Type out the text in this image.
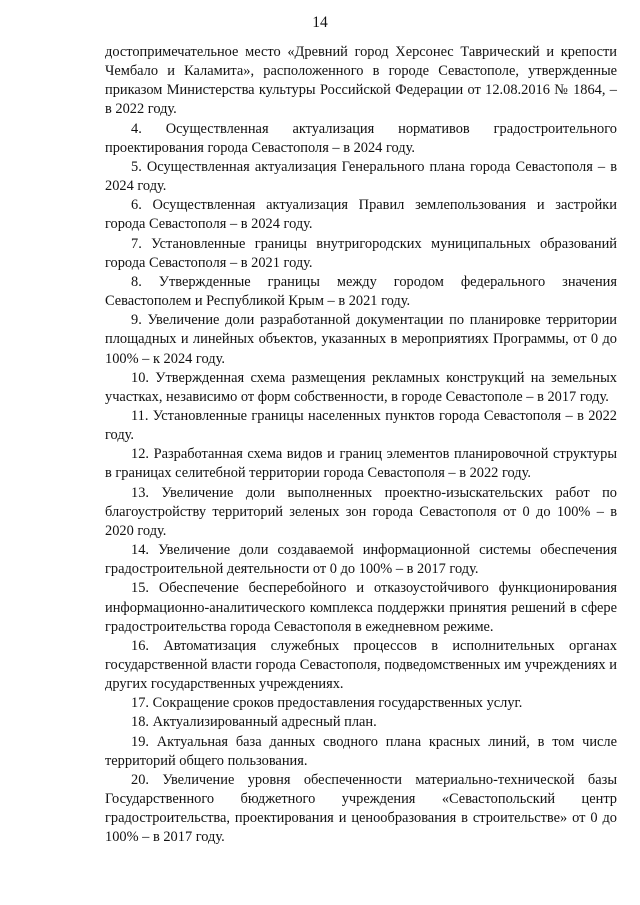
14

достопримечательное место «Древний город Херсонес Таврический и крепости Чембало и Каламита», расположенного в городе Севастополе, утвержденные приказом Министерства культуры Российской Федерации от 12.08.2016 № 1864, – в 2022 году.

4. Осуществленная актуализация нормативов градостроительного проектирования города Севастополя – в 2024 году.

5. Осуществленная актуализация Генерального плана города Севастополя – в 2024 году.

6. Осуществленная актуализация Правил землепользования и застройки города Севастополя – в 2024 году.

7. Установленные границы внутригородских муниципальных образований города Севастополя – в 2021 году.

8. Утвержденные границы между городом федерального значения Севастополем и Республикой Крым – в 2021 году.

9. Увеличение доли разработанной документации по планировке территории площадных и линейных объектов, указанных в мероприятиях Программы, от 0 до 100% – к 2024 году.

10. Утвержденная схема размещения рекламных конструкций на земельных участках, независимо от форм собственности, в городе Севастополе – в 2017 году.

11. Установленные границы населенных пунктов города Севастополя – в 2022 году.

12. Разработанная схема видов и границ элементов планировочной структуры в границах селитебной территории города Севастополя – в 2022 году.

13. Увеличение доли выполненных проектно-изыскательских работ по благоустройству территорий зеленых зон города Севастополя от 0 до 100% – в 2020 году.

14. Увеличение доли создаваемой информационной системы обеспечения градостроительной деятельности от 0 до 100% – в 2017 году.

15. Обеспечение бесперебойного и отказоустойчивого функционирования информационно-аналитического комплекса поддержки принятия решений в сфере градостроительства города Севастополя в ежедневном режиме.

16. Автоматизация служебных процессов в исполнительных органах государственной власти города Севастополя, подведомственных им учреждениях и других государственных учреждениях.

17. Сокращение сроков предоставления государственных услуг.

18. Актуализированный адресный план.

19. Актуальная база данных сводного плана красных линий, в том числе территорий общего пользования.

20. Увеличение уровня обеспеченности материально-технической базы Государственного бюджетного учреждения «Севастопольский центр градостроительства, проектирования и ценообразования в строительстве» от 0 до 100% – в 2017 году.
